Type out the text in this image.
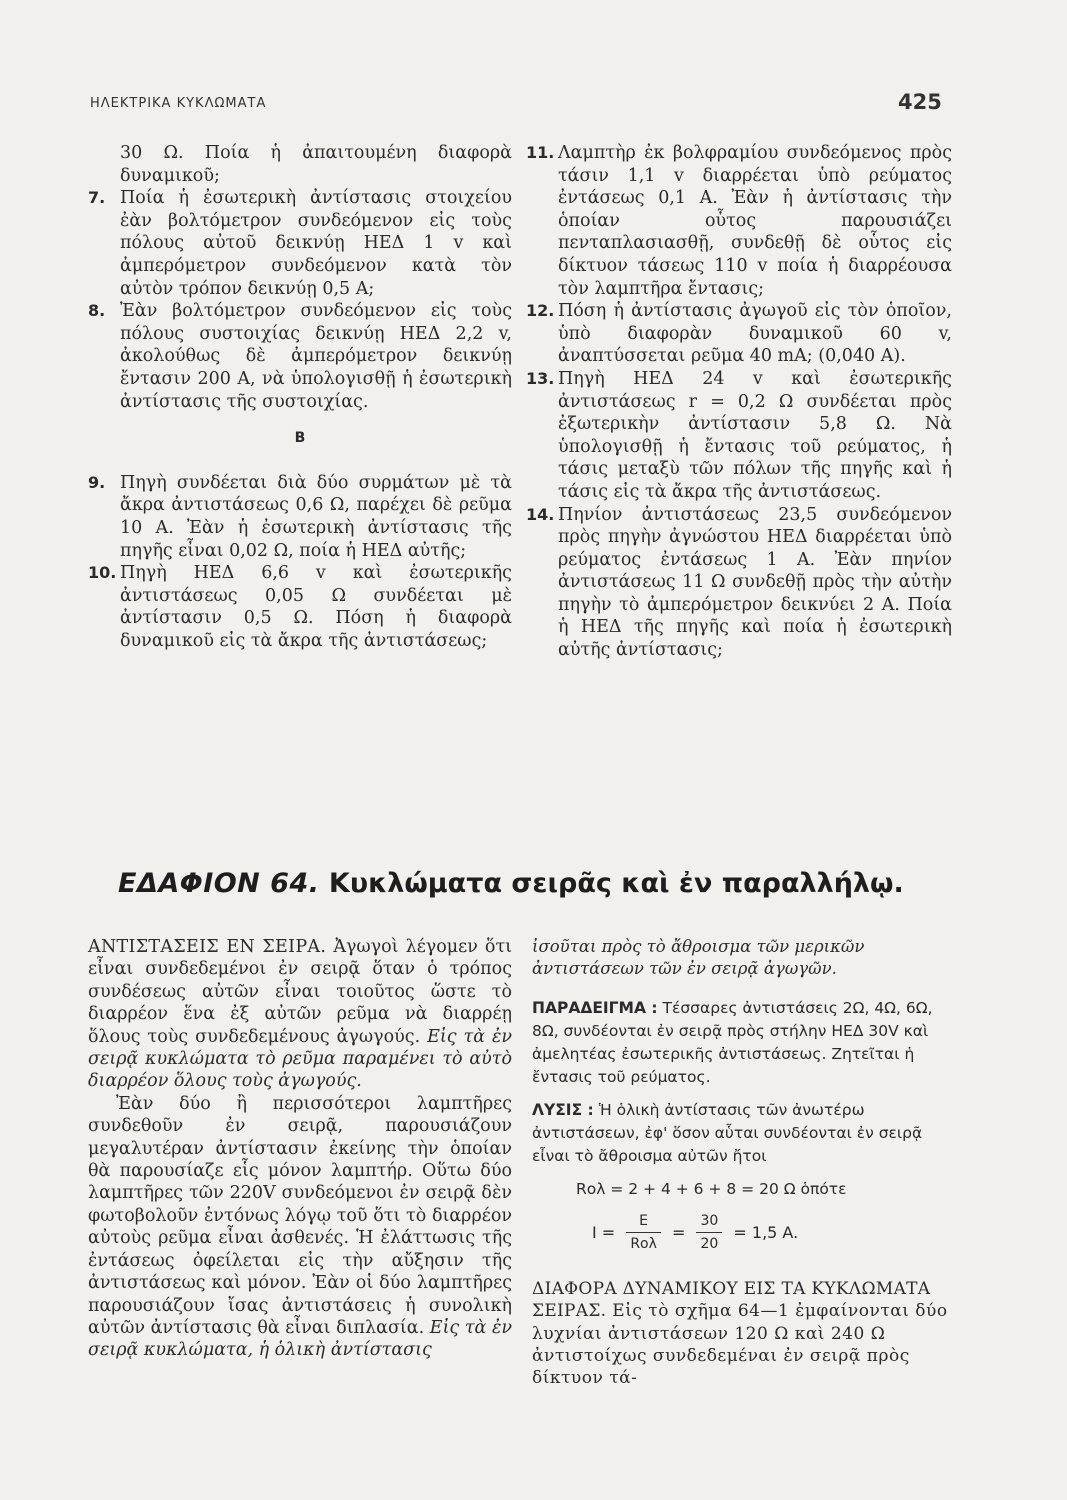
ΗΛΕΚΤΡΙΚΑ ΚΥΚΛΩΜΑΤΑ	425

30 Ω. Ποία ἡ ἀπαιτουμένη διαφορὰ δυναμικοῦ;

7. Ποία ἡ ἐσωτερικὴ ἀντίστασις στοιχείου ἐὰν βολτόμετρον συνδεόμενον εἰς τοὺς πόλους αὐτοῦ δεικνύῃ ΗΕΔ 1 v καὶ ἀμπερόμετρον συνδεόμενον κατὰ τὸν αὐτὸν τρόπον δεικνύῃ 0,5 A;

8. Ἐὰν βολτόμετρον συνδεόμενον εἰς τοὺς πόλους συστοιχίας δεικνύῃ ΗΕΔ 2,2 v, ἀκολούθως δὲ ἀμπερόμετρον δεικνύῃ ἔντασιν 200 Α, νὰ ὑπολογισθῇ ἡ ἐσωτερικὴ ἀντίστασις τῆς συστοιχίας.

Β

9. Πηγὴ συνδέεται διὰ δύο συρμάτων μὲ τὰ ἄκρα ἀντιστάσεως 0,6 Ω, παρέχει δὲ ρεῦμα 10 Α. Ἐὰν ἡ ἐσωτερικὴ ἀντίστασις τῆς πηγῆς εἶναι 0,02 Ω, ποία ἡ ΗΕΔ αὐτῆς;

10. Πηγὴ ΗΕΔ 6,6 v καὶ ἐσωτερικῆς ἀντιστάσεως 0,05 Ω συνδέεται μὲ ἀντίστασιν 0,5 Ω. Πόση ἡ διαφορὰ δυναμικοῦ εἰς τὰ ἄκρα τῆς ἀντιστάσεως;

11. Λαμπτὴρ ἐκ βολφραμίου συνδεόμενος πρὸς τάσιν 1,1 v διαρρέεται ὑπὸ ρεύματος ἐντάσεως 0,1 Α. Ἐὰν ἡ ἀντίστασις τὴν ὁποίαν οὗτος παρουσιάζει πενταπλασιασθῇ, συνδεθῇ δὲ οὗτος εἰς δίκτυον τάσεως 110 v ποία ἡ διαρρέουσα τὸν λαμπτῆρα ἔντασις;

12. Πόση ἡ ἀντίστασις ἀγωγοῦ εἰς τὸν ὁποῖον, ὑπὸ διαφορὰν δυναμικοῦ 60 v, ἀναπτύσσεται ρεῦμα 40 mA; (0,040 Α).

13. Πηγὴ ΗΕΔ 24 v καὶ ἐσωτερικῆς ἀντιστάσεως r = 0,2 Ω συνδέεται πρὸς ἐξωτερικὴν ἀντίστασιν 5,8 Ω. Νὰ ὑπολογισθῇ ἡ ἔντασις τοῦ ρεύματος, ἡ τάσις μεταξὺ τῶν πόλων τῆς πηγῆς καὶ ἡ τάσις εἰς τὰ ἄκρα τῆς ἀντιστάσεως.

14. Πηνίον ἀντιστάσεως 23,5 συνδεόμενον πρὸς πηγὴν ἀγνώστου ΗΕΔ διαρρέεται ὑπὸ ρεύματος ἐντάσεως 1 Α. Ἐὰν πηνίον ἀντιστάσεως 11 Ω συνδεθῇ πρὸς τὴν αὐτὴν πηγὴν τὸ ἀμπερόμετρον δεικνύει 2 Α. Ποία ἡ ΗΕΔ τῆς πηγῆς καὶ ποία ἡ ἐσωτερικὴ αὐτῆς ἀντίστασις;

ΕΔΑΦΙΟΝ 64. Κυκλώματα σειρᾶς καὶ ἐν παραλλήλῳ.

ΑΝΤΙΣΤΑΣΕΙΣ ΕΝ ΣΕΙΡΑ. Ἀγωγοὶ λέγομεν ὅτι εἶναι συνδεδεμένοι ἐν σειρᾷ ὅταν ὁ τρόπος συνδέσεως αὐτῶν εἶναι τοιοῦτος ὥστε τὸ διαρρέον ἕνα ἐξ αὐτῶν ρεῦμα νὰ διαρρέῃ ὅλους τοὺς συνδεδεμένους ἀγωγούς. Εἰς τὰ ἐν σειρᾷ κυκλώματα τὸ ρεῦμα παραμένει τὸ αὐτὸ διαρρέον ὅλους τοὺς ἀγωγούς.

Ἐὰν δύο ἢ περισσότεροι λαμπτῆρες συνδεθοῦν ἐν σειρᾷ, παρουσιάζουν μεγαλυτέραν ἀντίστασιν ἐκείνης τὴν ὁποίαν θὰ παρουσίαζε εἷς μόνον λαμπτήρ. Οὕτω δύο λαμπτῆρες τῶν 220V συνδεόμενοι ἐν σειρᾷ δὲν φωτοβολοῦν ἐντόνως λόγῳ τοῦ ὅτι τὸ διαρρέον αὐτοὺς ρεῦμα εἶναι ἀσθενές. Ἡ ἐλάττωσις τῆς ἐντάσεως ὀφείλεται εἰς τὴν αὔξησιν τῆς ἀντιστάσεως καὶ μόνον. Ἐὰν οἱ δύο λαμπτῆρες παρουσιάζουν ἴσας ἀντιστάσεις ἡ συνολικὴ αὐτῶν ἀντίστασις θὰ εἶναι διπλασία. Εἰς τὰ ἐν σειρᾷ κυκλώματα, ἡ ὁλικὴ ἀντίστασις

ἰσοῦται πρὸς τὸ ἄθροισμα τῶν μερικῶν ἀντιστάσεων τῶν ἐν σειρᾷ ἀγωγῶν.

ΠΑΡΑΔΕΙΓΜΑ : Τέσσαρες ἀντιστάσεις 2Ω, 4Ω, 6Ω, 8Ω, συνδέονται ἐν σειρᾷ πρὸς στήλην ΗΕΔ 30V καὶ ἀμελητέας ἐσωτερικῆς ἀντιστάσεως. Ζητεῖται ἡ ἔντασις τοῦ ρεύματος.

ΛΥΣΙΣ : Ἡ ὁλικὴ ἀντίστασις τῶν ἀνωτέρω ἀντιστάσεων, ἐφ' ὅσον αὗται συνδέονται ἐν σειρᾷ εἶναι τὸ ἄθροισμα αὐτῶν ἤτοι

Rολ = 2 + 4 + 6 + 8 = 20 Ω ὁπότε
$I = \frac{E}{\text{Rολ}} = \frac{30}{20} = 1,5$ A.

ΔΙΑΦΟΡΑ ΔΥΝΑΜΙΚΟΥ ΕΙΣ ΤΑ ΚΥΚΛΩΜΑΤΑ ΣΕΙΡΑΣ. Εἰς τὸ σχῆμα 64—1 ἐμφαίνονται δύο λυχνίαι ἀντιστάσεων 120 Ω καὶ 240 Ω ἀντιστοίχως συνδεδεμέναι ἐν σειρᾷ πρὸς δίκτυον τά-
